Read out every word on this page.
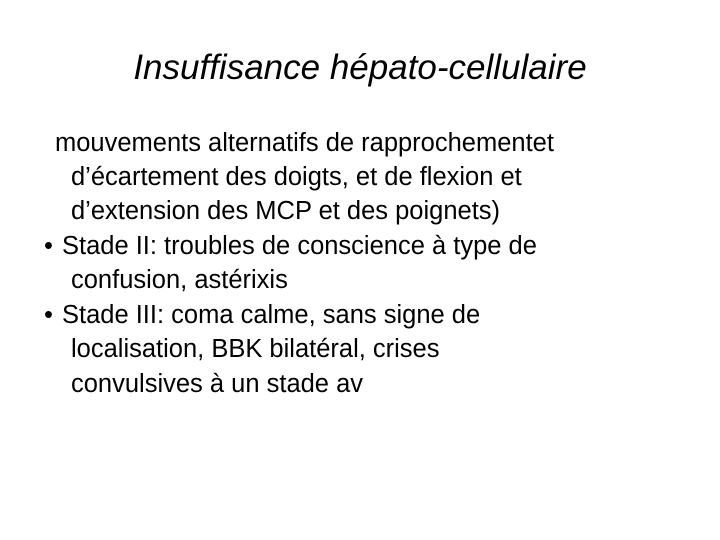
Insuffisance hépato-cellulaire
mouvements alternatifs de rapprochementet
d’écartement des doigts, et de flexion et
d’extension des MCP et des poignets)
• Stade II: troubles de conscience à type de
confusion, astérixis
• Stade III: coma calme, sans signe de
localisation, BBK bilatéral, crises
convulsives à un stade av
